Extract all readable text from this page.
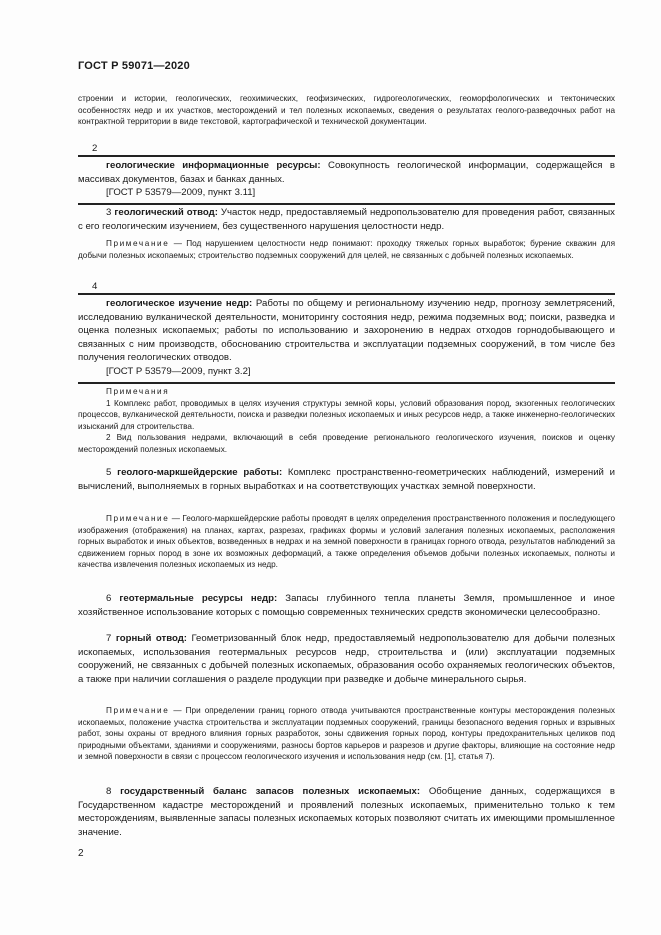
ГОСТ Р 59071—2020

строении и истории, геологических, геохимических, геофизических, гидрогеологических, геоморфологических и тектонических особенностях недр и их участков, месторождений и тел полезных ископаемых, сведения о результатах геолого-разведочных работ на контрактной территории в виде текстовой, картографической и технической документации.

2

геологические информационные ресурсы: Совокупность геологической информации, содержащейся в массивах документов, базах и банках данных.

[ГОСТ Р 53579—2009, пункт 3.11]

3 геологический отвод: Участок недр, предоставляемый недропользователю для проведения работ, связанных с его геологическим изучением, без существенного нарушения целостности недр.
Примечание — Под нарушением целостности недр понимают: проходку тяжелых горных выработок; бурение скважин для добычи полезных ископаемых; строительство подземных сооружений для целей, не связанных с добычей полезных ископаемых.
4

геологическое изучение недр: Работы по общему и региональному изучению недр, прогнозу землетрясений, исследованию вулканической деятельности, мониторингу состояния недр, режима подземных вод; поиски, разведка и оценка полезных ископаемых; работы по использованию и захоронению в недрах отходов горнодобывающего и связанных с ним производств, обоснованию строительства и эксплуатации подземных сооружений, в том числе без получения геологических отводов.

[ГОСТ Р 53579—2009, пункт 3.2]

Примечания

1 Комплекс работ, проводимых в целях изучения структуры земной коры, условий образования пород, экзогенных геологических процессов, вулканической деятельности, поиска и разведки полезных ископаемых и иных ресурсов недр, а также инженерно-геологических изысканий для строительства.

2 Вид пользования недрами, включающий в себя проведение регионального геологического изучения, поисков и оценку месторождений полезных ископаемых.

5 геолого-маркшейдерские работы: Комплекс пространственно-геометрических наблюдений, измерений и вычислений, выполняемых в горных выработках и на соответствующих участках земной поверхности.
Примечание — Геолого-маркшейдерские работы проводят в целях определения пространственного положения и последующего изображения (отображения) на планах, картах, разрезах, графиках формы и условий залегания полезных ископаемых, расположения горных выработок и иных объектов, возведенных в недрах и на земной поверхности в границах горного отвода, результатов наблюдений за сдвижением горных пород в зоне их возможных деформаций, а также определения объемов добычи полезных ископаемых, полноты и качества извлечения полезных ископаемых из недр.
6 геотермальные ресурсы недр: Запасы глубинного тепла планеты Земля, промышленное и иное хозяйственное использование которых с помощью современных технических средств экономически целесообразно.
7 горный отвод: Геометризованный блок недр, предоставляемый недропользователю для добычи полезных ископаемых, использования геотермальных ресурсов недр, строительства и (или) эксплуатации подземных сооружений, не связанных с добычей полезных ископаемых, образования особо охраняемых геологических объектов, а также при наличии соглашения о разделе продукции при разведке и добыче минерального сырья.
Примечание — При определении границ горного отвода учитываются пространственные контуры месторождения полезных ископаемых, положение участка строительства и эксплуатации подземных сооружений, границы безопасного ведения горных и взрывных работ, зоны охраны от вредного влияния горных разработок, зоны сдвижения горных пород, контуры предохранительных целиков под природными объектами, зданиями и сооружениями, разносы бортов карьеров и разрезов и другие факторы, влияющие на состояние недр и земной поверхности в связи с процессом геологического изучения и использования недр (см. [1], статья 7).
8 государственный баланс запасов полезных ископаемых: Обобщение данных, содержащихся в Государственном кадастре месторождений и проявлений полезных ископаемых, применительно только к тем месторождениям, выявленные запасы полезных ископаемых которых позволяют считать их имеющими промышленное значение.
2
